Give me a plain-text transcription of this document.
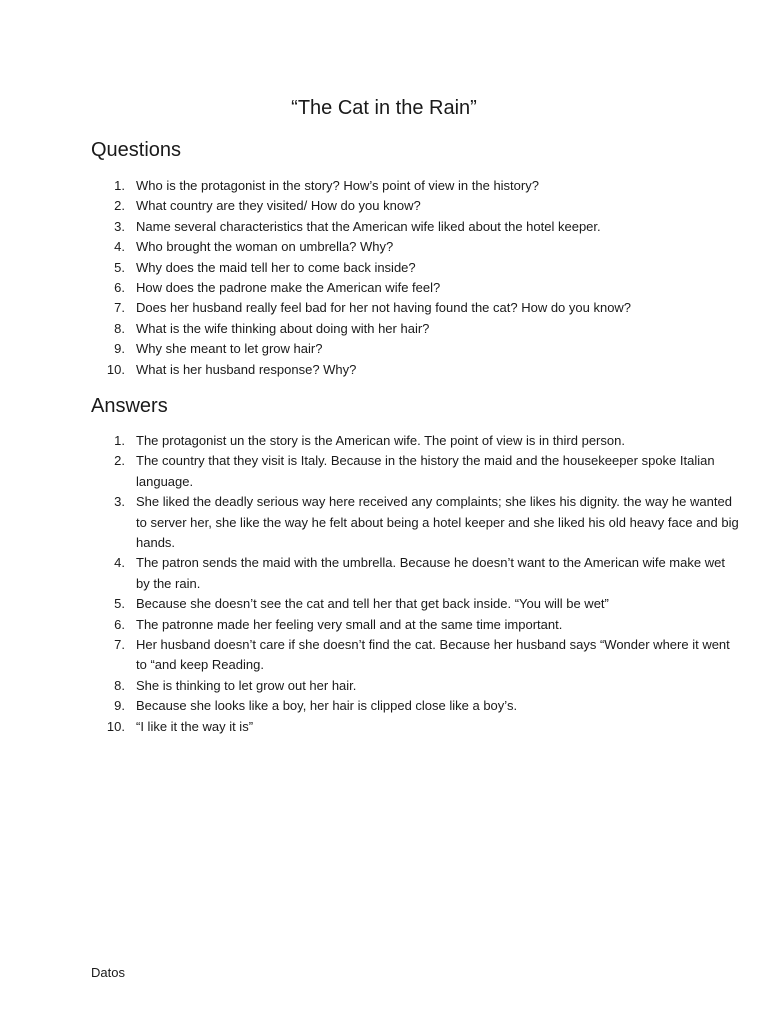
“The Cat in the Rain”
Questions
1. Who is the protagonist in the story? How’s point of view in the history?
2. What country are they visited/ How do you know?
3. Name several characteristics that the American wife liked about the hotel keeper.
4. Who brought the woman on umbrella? Why?
5. Why does the maid tell her to come back inside?
6. How does the padrone make the American wife feel?
7. Does her husband really feel bad for her not having found the cat? How do you know?
8. What is the wife thinking about doing with her hair?
9. Why she meant to let grow hair?
10. What is her husband response? Why?
Answers
1. The protagonist un the story is the American wife. The point of view is in third person.
2. The country that they visit is Italy. Because in the history the maid and the housekeeper spoke Italian language.
3. She liked the deadly serious way here received any complaints; she likes his dignity. the way he wanted to server her, she like the way he felt about being a hotel keeper and she liked his old heavy face and big hands.
4. The patron sends the maid with the umbrella. Because he doesn’t want to the American wife make wet by the rain.
5. Because she doesn’t see the cat and tell her that get back inside. “You will be wet”
6. The patronne made her feeling very small and at the same time important.
7. Her husband doesn’t care if she doesn’t find the cat. Because her husband says “Wonder where it went to “and keep Reading.
8. She is thinking to let grow out her hair.
9. Because she looks like a boy, her hair is clipped close like a boy’s.
10. “I like it the way it is”
Datos
